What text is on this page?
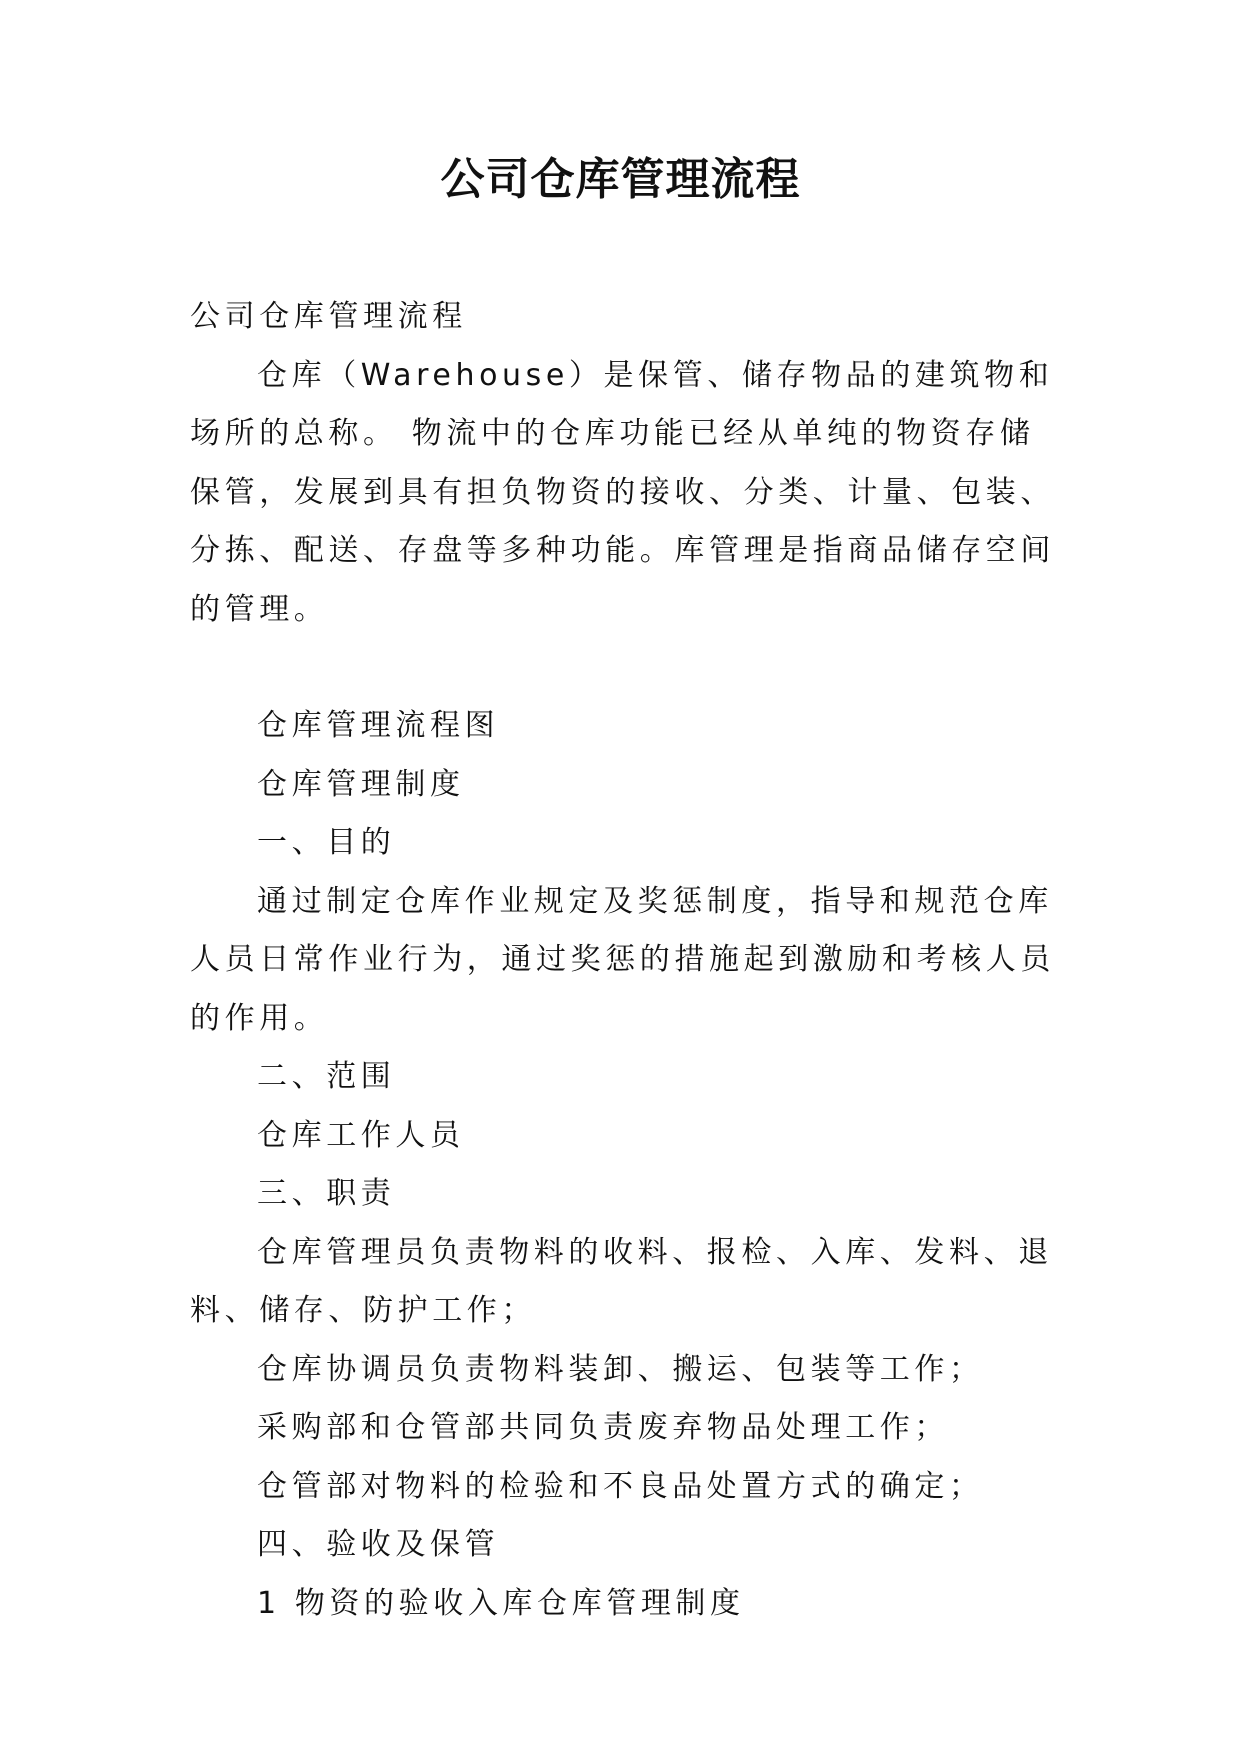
公司仓库管理流程

公司仓库管理流程

仓库（Warehouse）是保管、储存物品的建筑物和场所的总称。 物流中的仓库功能已经从单纯的物资存储保管，发展到具有担负物资的接收、分类、计量、包装、分拣、配送、存盘等多种功能。库管理是指商品储存空间的管理。

仓库管理流程图

仓库管理制度

一、目的

通过制定仓库作业规定及奖惩制度，指导和规范仓库人员日常作业行为，通过奖惩的措施起到激励和考核人员的作用。

二、范围

仓库工作人员

三、职责

仓库管理员负责物料的收料、报检、入库、发料、退料、储存、防护工作；

仓库协调员负责物料装卸、搬运、包装等工作；

采购部和仓管部共同负责废弃物品处理工作；

仓管部对物料的检验和不良品处置方式的确定；

四、验收及保管

1 物资的验收入库仓库管理制度
